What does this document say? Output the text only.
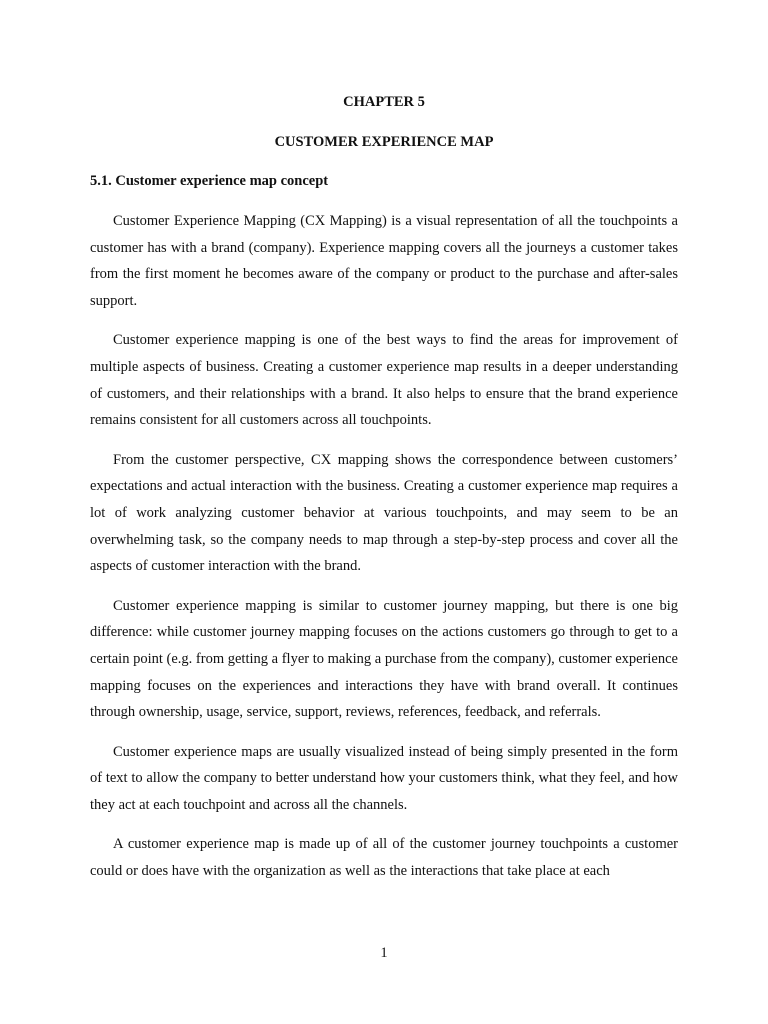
CHAPTER 5
CUSTOMER EXPERIENCE MAP
5.1. Customer experience map concept

Customer Experience Mapping (CX Mapping) is a visual representation of all the touchpoints a customer has with a brand (company). Experience mapping covers all the journeys a customer takes from the first moment he becomes aware of the company or product to the purchase and after-sales support.

Customer experience mapping is one of the best ways to find the areas for improvement of multiple aspects of business. Creating a customer experience map results in a deeper understanding of customers, and their relationships with a brand. It also helps to ensure that the brand experience remains consistent for all customers across all touchpoints.

From the customer perspective, CX mapping shows the correspondence between customers’ expectations and actual interaction with the business. Creating a customer experience map requires a lot of work analyzing customer behavior at various touchpoints, and may seem to be an overwhelming task, so the company needs to map through a step-by-step process and cover all the aspects of customer interaction with the brand.

Customer experience mapping is similar to customer journey mapping, but there is one big difference: while customer journey mapping focuses on the actions customers go through to get to a certain point (e.g. from getting a flyer to making a purchase from the company), customer experience mapping focuses on the experiences and interactions they have with brand overall. It continues through ownership, usage, service, support, reviews, references, feedback, and referrals.

Customer experience maps are usually visualized instead of being simply presented in the form of text to allow the company to better understand how your customers think, what they feel, and how they act at each touchpoint and across all the channels.

A customer experience map is made up of all of the customer journey touchpoints a customer could or does have with the organization as well as the interactions that take place at each

1
